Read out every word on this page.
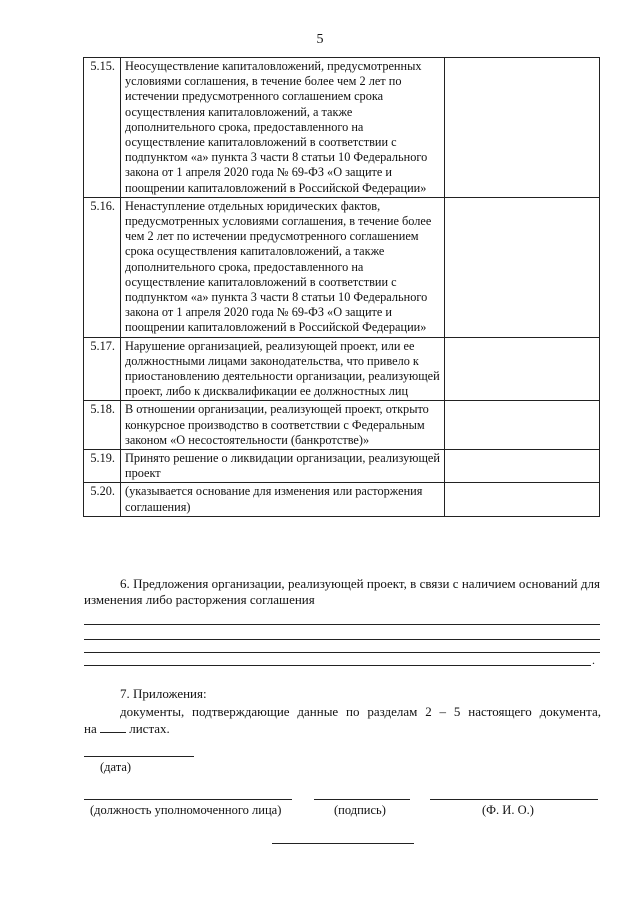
5
5.15.	Неосуществление капиталовложений, предусмотренных условиями соглашения, в течение более чем 2 лет по истечении предусмотренного соглашением срока осуществления капиталовложений, а также дополнительного срока, предоставленного на осуществление капиталовложений в соответствии с подпунктом «а» пункта 3 части 8 статьи 10 Федерального закона от 1 апреля 2020 года № 69-ФЗ «О защите и поощрении капиталовложений в Российской Федерации»	
5.16.	Ненаступление отдельных юридических фактов, предусмотренных условиями соглашения, в течение более чем 2 лет по истечении предусмотренного соглашением срока осуществления капиталовложений, а также дополнительного срока, предоставленного на осуществление капиталовложений в соответствии с подпунктом «а» пункта 3 части 8 статьи 10 Федерального закона от 1 апреля 2020 года № 69-ФЗ «О защите и поощрении капиталовложений в Российской Федерации»	
5.17.	Нарушение организацией, реализующей проект, или ее должностными лицами законодательства, что привело к приостановлению деятельности организации, реализующей проект, либо к дисквалификации ее должностных лиц	
5.18.	В отношении организации, реализующей проект, открыто конкурсное производство в соответствии с Федеральным законом «О несостоятельности (банкротстве)»	
5.19.	Принято решение о ликвидации организации, реализующей проект	
5.20.	(указывается основание для изменения или расторжения соглашения)	
6. Предложения организации, реализующей проект, в связи с наличием оснований для изменения либо расторжения соглашения
.
7. Приложения:
документы, подтверждающие данные по разделам 2 – 5 настоящего документа,
на	листах.
(дата)
(должность уполномоченного лица)	(подпись)	(Ф. И. О.)
